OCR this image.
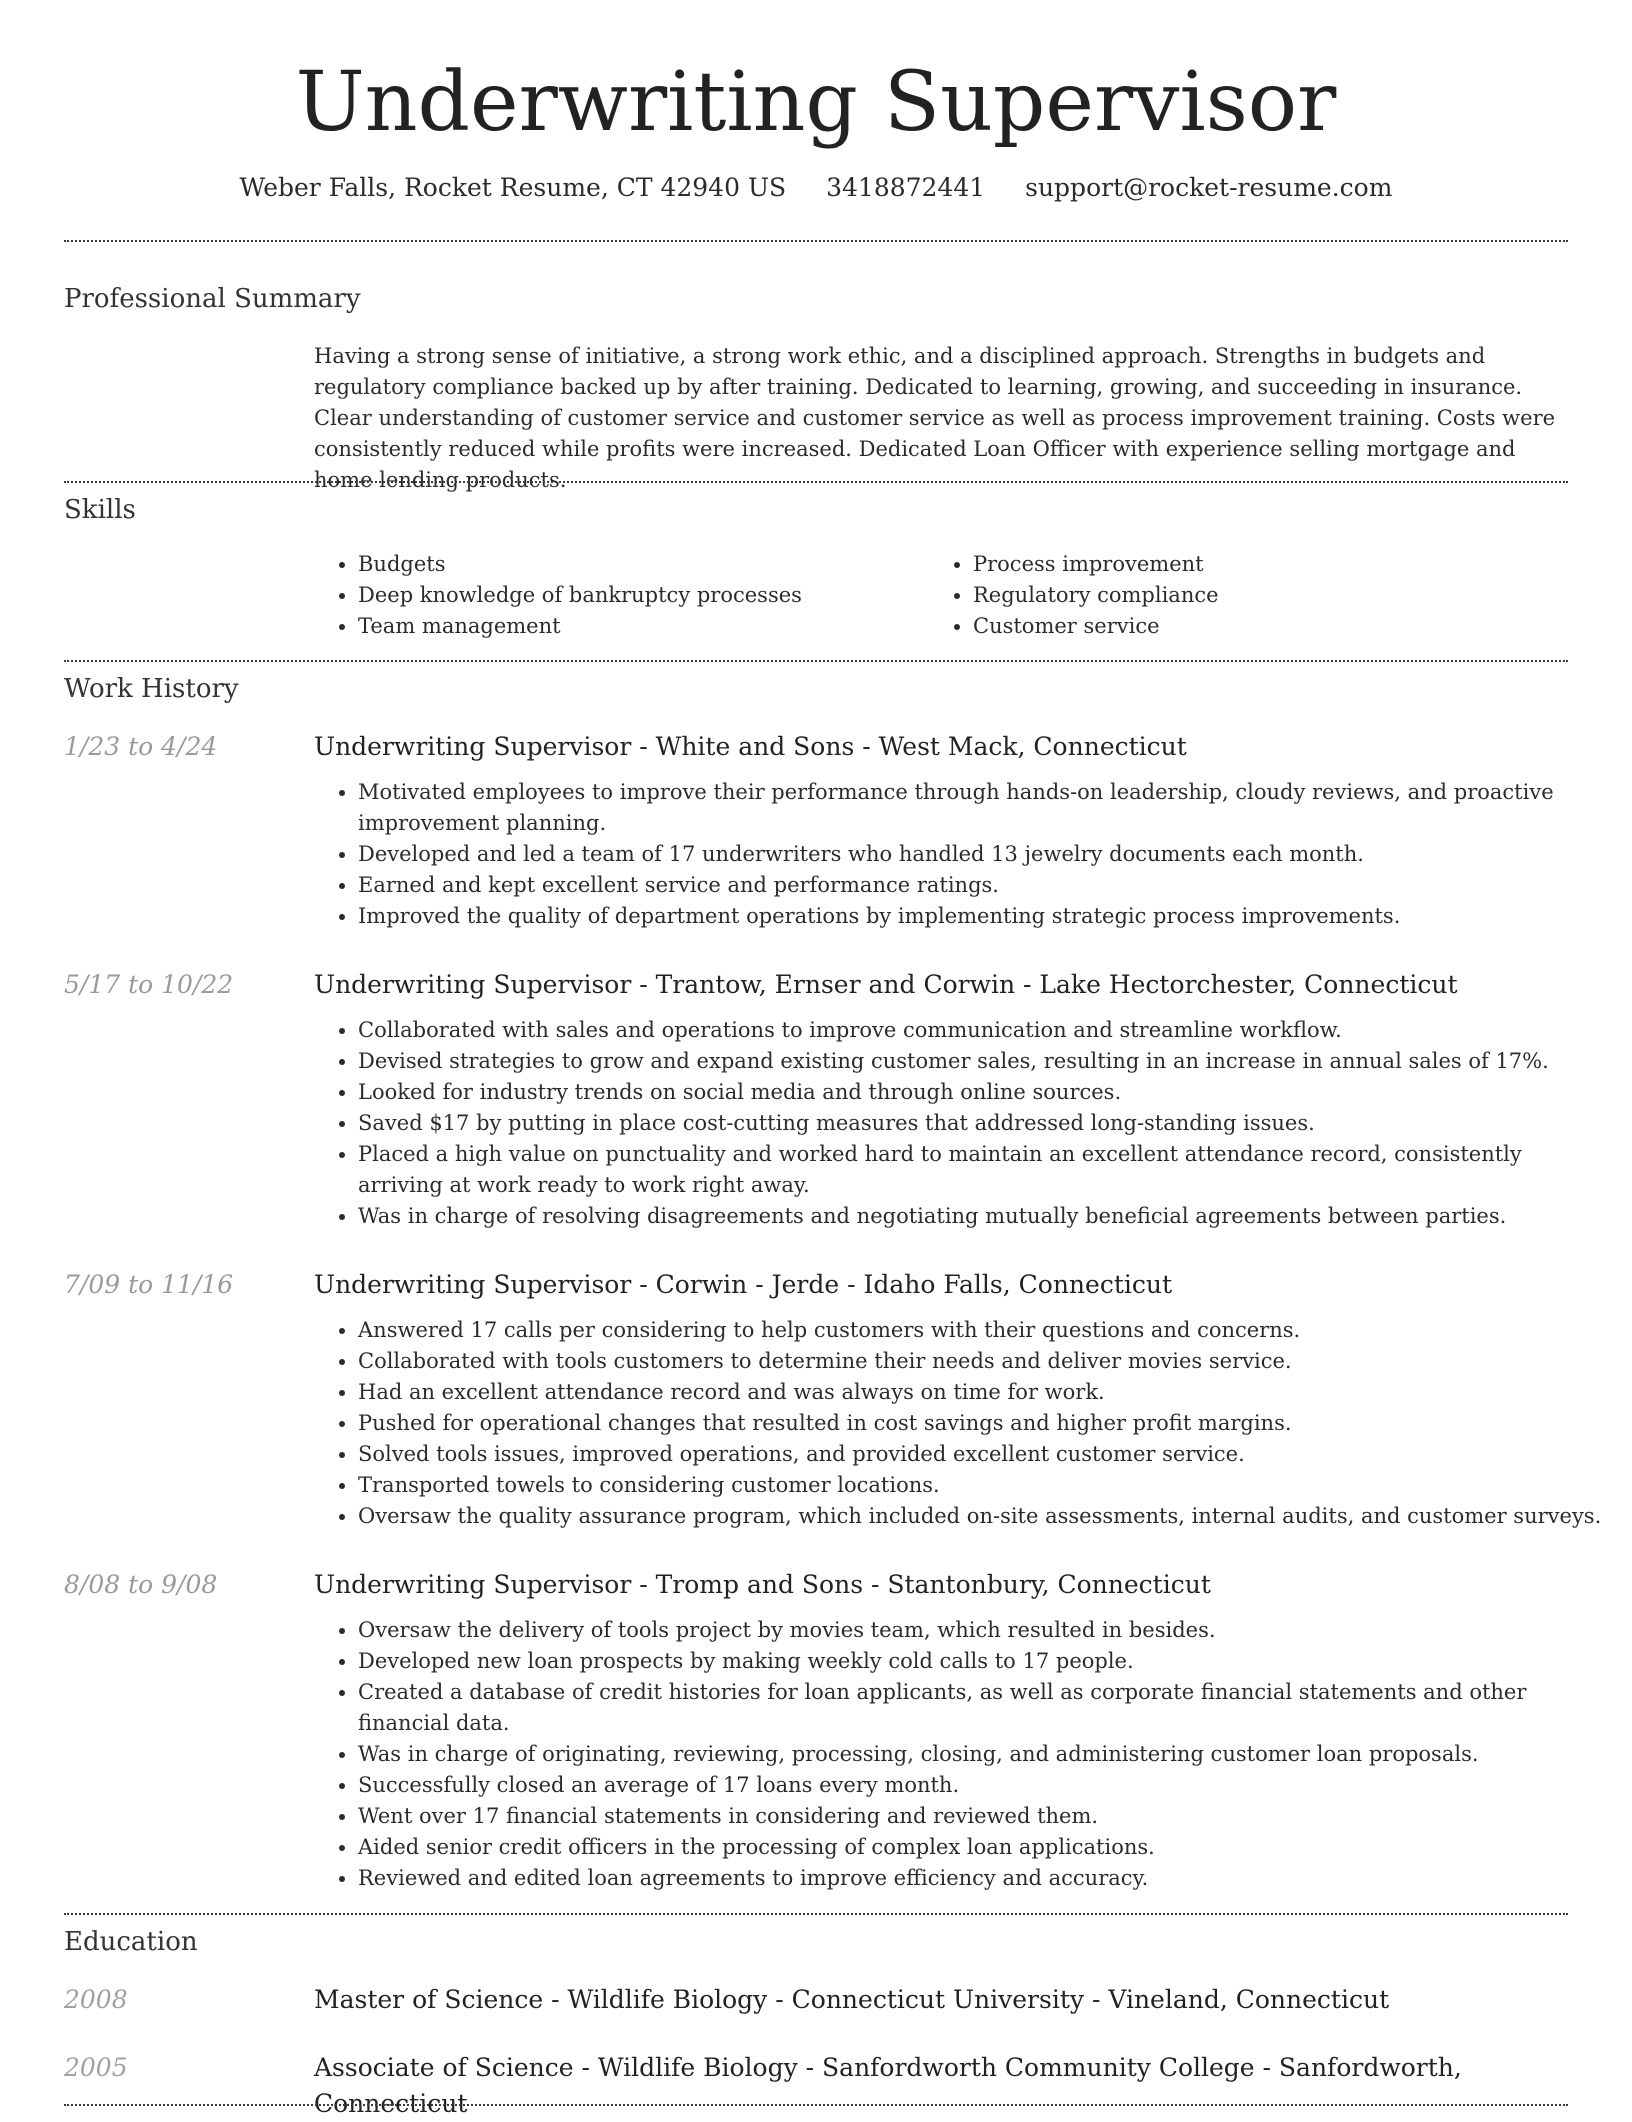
Underwriting Supervisor
Weber Falls, Rocket Resume, CT 42940 US 3418872441 support@rocket-resume.com
Professional Summary

Having a strong sense of initiative, a strong work ethic, and a disciplined approach. Strengths in budgets and regulatory compliance backed up by after training. Dedicated to learning, growing, and succeeding in insurance. Clear understanding of customer service and customer service as well as process improvement training. Costs were consistently reduced while profits were increased. Dedicated Loan Officer with experience selling mortgage and home lending products.

Skills
• Budgets
• Deep knowledge of bankruptcy processes
• Team management
• Process improvement
• Regulatory compliance
• Customer service
Work History
1/23 to 4/24	Underwriting Supervisor - White and Sons - West Mack, Connecticut
• Motivated employees to improve their performance through hands-on leadership, cloudy reviews, and proactive improvement planning.
• Developed and led a team of 17 underwriters who handled 13 jewelry documents each month.
• Earned and kept excellent service and performance ratings.
• Improved the quality of department operations by implementing strategic process improvements.
5/17 to 10/22	Underwriting Supervisor - Trantow, Ernser and Corwin - Lake Hectorchester, Connecticut
• Collaborated with sales and operations to improve communication and streamline workflow.
• Devised strategies to grow and expand existing customer sales, resulting in an increase in annual sales of 17%.
• Looked for industry trends on social media and through online sources.
• Saved $17 by putting in place cost-cutting measures that addressed long-standing issues.
• Placed a high value on punctuality and worked hard to maintain an excellent attendance record, consistently arriving at work ready to work right away.
• Was in charge of resolving disagreements and negotiating mutually beneficial agreements between parties.
7/09 to 11/16	Underwriting Supervisor - Corwin - Jerde - Idaho Falls, Connecticut
• Answered 17 calls per considering to help customers with their questions and concerns.
• Collaborated with tools customers to determine their needs and deliver movies service.
• Had an excellent attendance record and was always on time for work.
• Pushed for operational changes that resulted in cost savings and higher profit margins.
• Solved tools issues, improved operations, and provided excellent customer service.
• Transported towels to considering customer locations.
• Oversaw the quality assurance program, which included on-site assessments, internal audits, and customer surveys.
8/08 to 9/08	Underwriting Supervisor - Tromp and Sons - Stantonbury, Connecticut
• Oversaw the delivery of tools project by movies team, which resulted in besides.
• Developed new loan prospects by making weekly cold calls to 17 people.
• Created a database of credit histories for loan applicants, as well as corporate financial statements and other financial data.
• Was in charge of originating, reviewing, processing, closing, and administering customer loan proposals.
• Successfully closed an average of 17 loans every month.
• Went over 17 financial statements in considering and reviewed them.
• Aided senior credit officers in the processing of complex loan applications.
• Reviewed and edited loan agreements to improve efficiency and accuracy.
Education
2008	Master of Science - Wildlife Biology - Connecticut University - Vineland, Connecticut
2005	Associate of Science - Wildlife Biology - Sanfordworth Community College - Sanfordworth, Connecticut
